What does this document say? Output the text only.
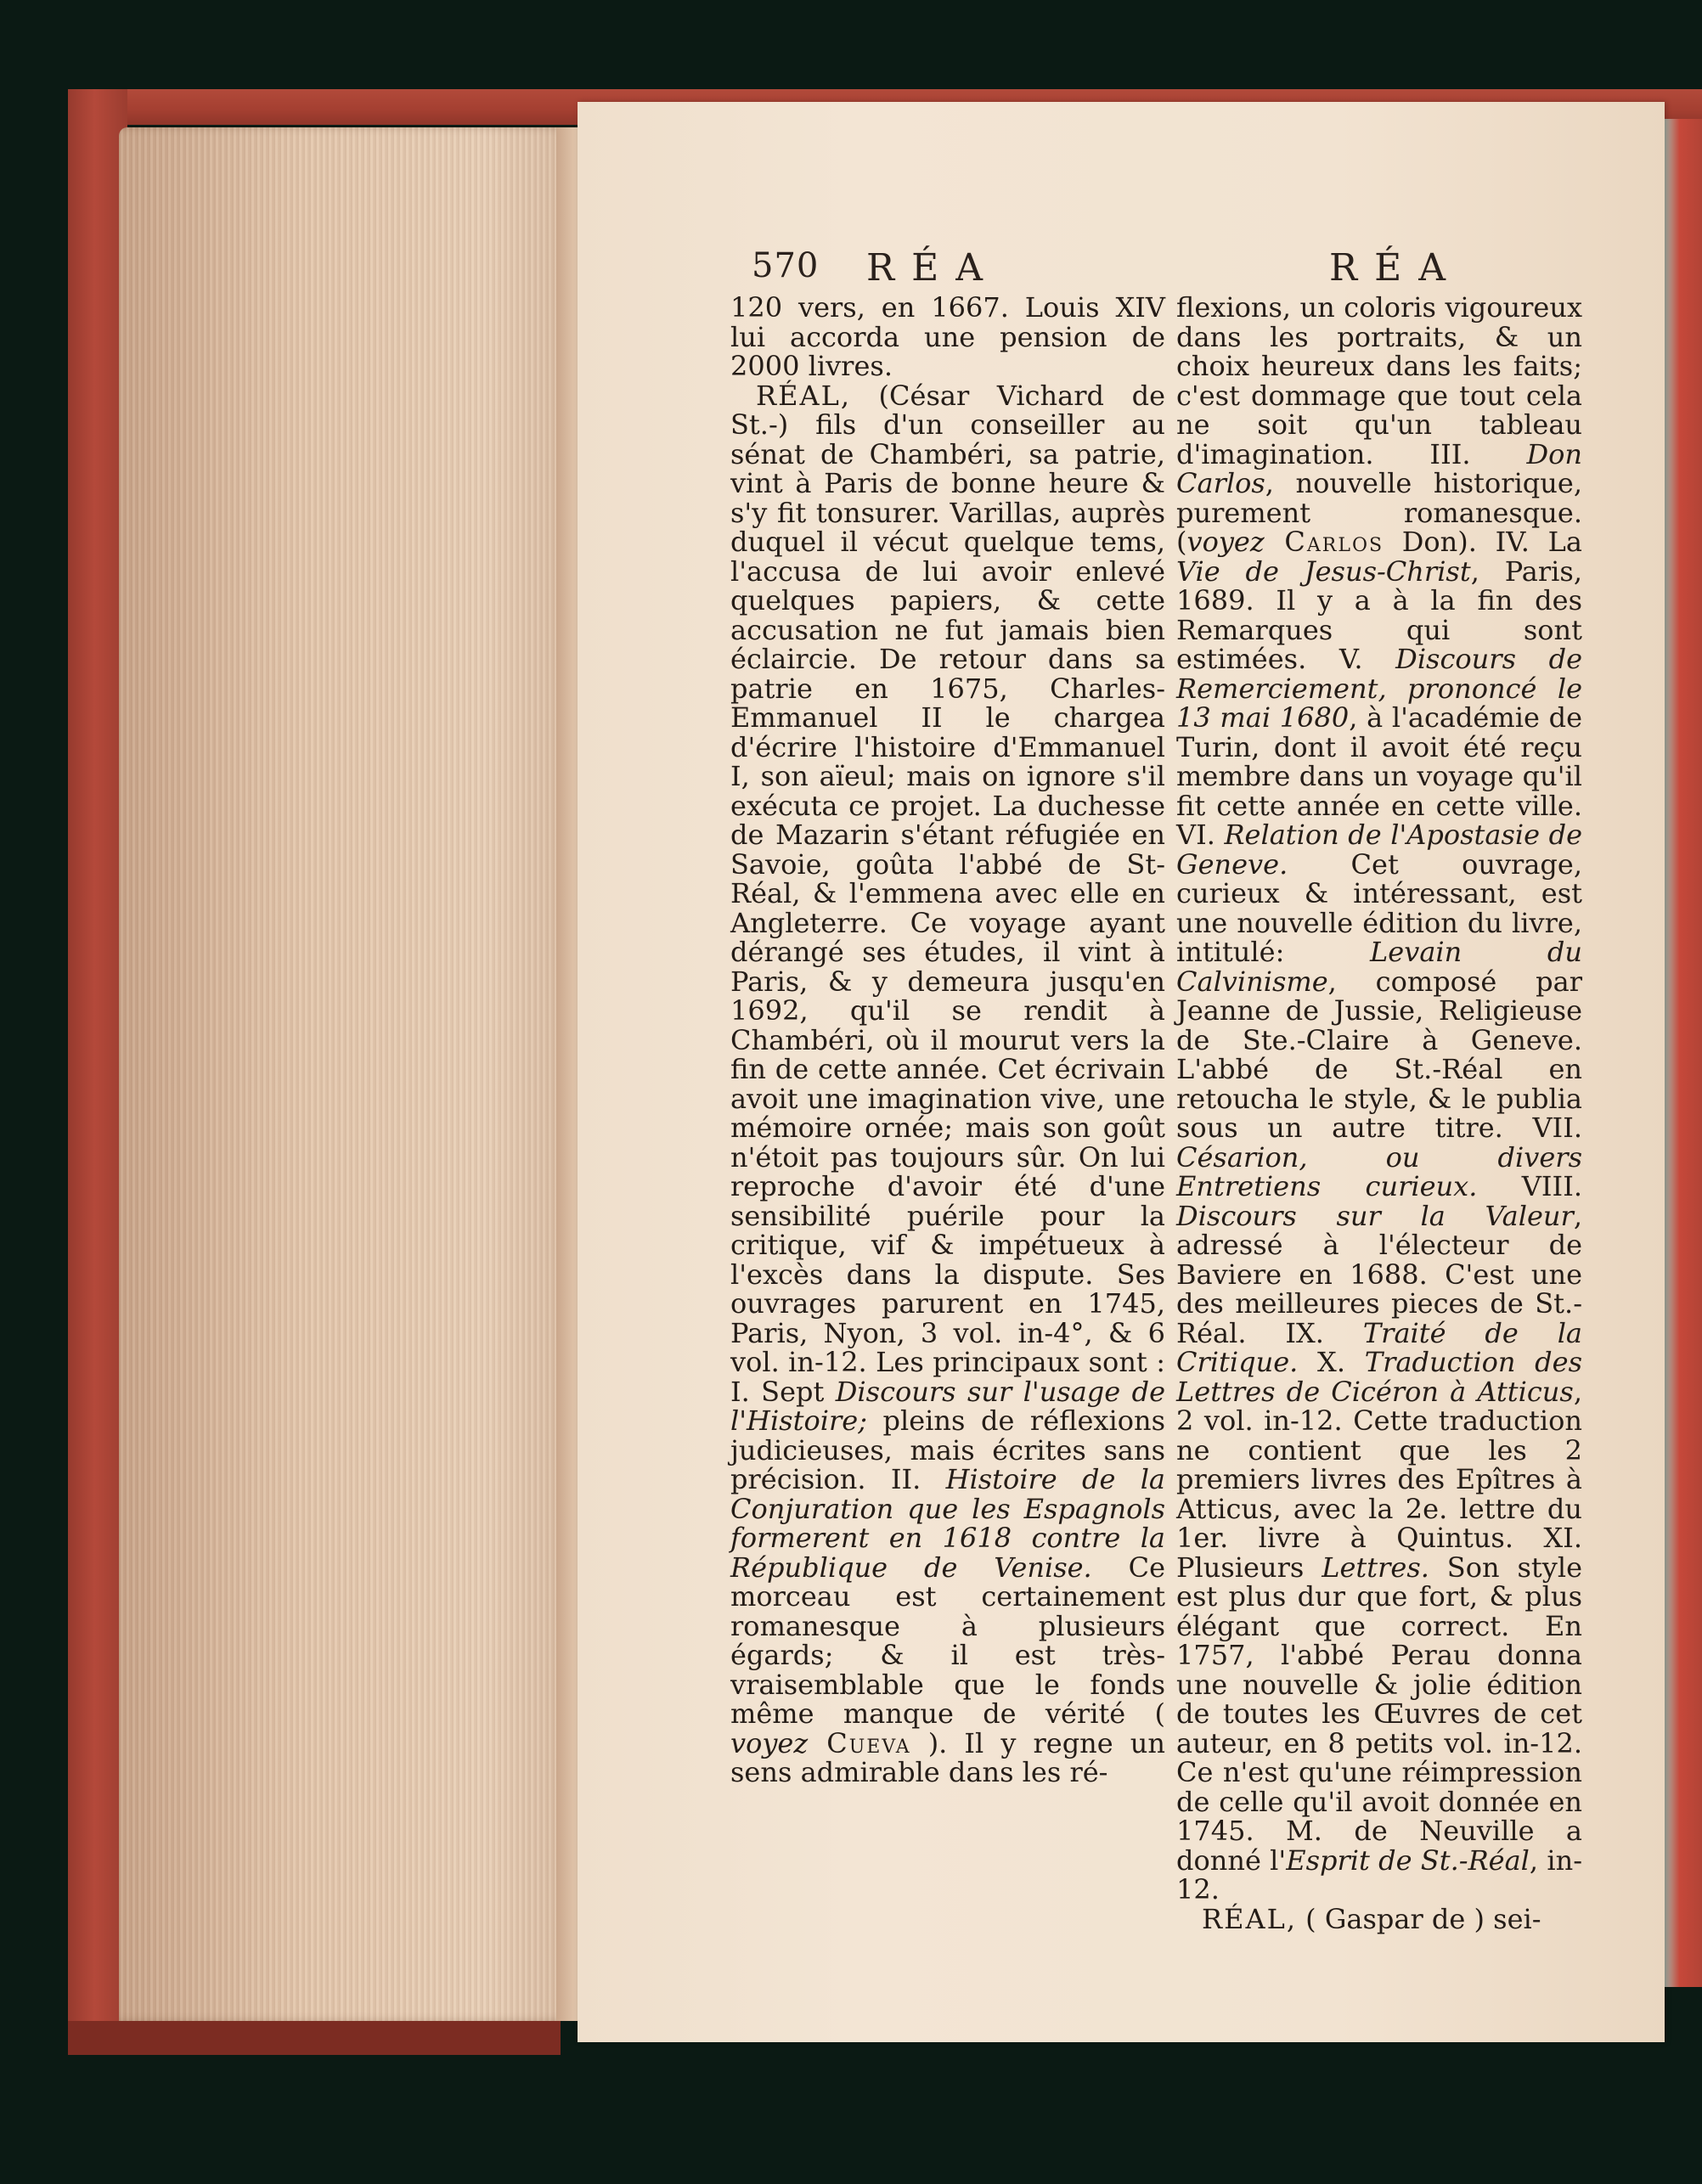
570 RÉA	RÉA

120 vers, en 1667. Louis XIV lui accorda une pension de 2000 livres.

RÉAL, (César Vichard de St.-) fils d'un conseiller au sénat de Chambéri, sa patrie, vint à Paris de bonne heure & s'y fit tonsurer. Varillas, auprès duquel il vécut quelque tems, l'accusa de lui avoir enlevé quelques papiers, & cette accusation ne fut jamais bien éclaircie. De retour dans sa patrie en 1675, Charles-Emmanuel II le chargea d'écrire l'histoire d'Emmanuel I, son aïeul; mais on ignore s'il exécuta ce projet. La duchesse de Mazarin s'étant réfugiée en Savoie, goûta l'abbé de St-Réal, & l'emmena avec elle en Angleterre. Ce voyage ayant dérangé ses études, il vint à Paris, & y demeura jusqu'en 1692, qu'il se rendit à Chambéri, où il mourut vers la fin de cette année. Cet écrivain avoit une imagination vive, une mémoire ornée; mais son goût n'étoit pas toujours sûr. On lui reproche d'avoir été d'une sensibilité puérile pour la critique, vif & impétueux à l'excès dans la dispute. Ses ouvrages parurent en 1745, Paris, Nyon, 3 vol. in-4°, & 6 vol. in-12. Les principaux sont : I. Sept Discours sur l'usage de l'Histoire; pleins de réflexions judicieuses, mais écrites sans précision. II. Histoire de la Conjuration que les Espagnols formerent en 1618 contre la République de Venise. Ce morceau est certainement romanesque à plusieurs égards; & il est très-vraisemblable que le fonds même manque de vérité ( voyez Cueva ). Il y regne un sens admirable dans les ré-

flexions, un coloris vigoureux dans les portraits, & un choix heureux dans les faits; c'est dommage que tout cela ne soit qu'un tableau d'imagination. III. Don Carlos, nouvelle historique, purement romanesque. (voyez Carlos Don). IV. La Vie de Jesus-Christ, Paris, 1689. Il y a à la fin des Remarques qui sont estimées. V. Discours de Remerciement, prononcé le 13 mai 1680, à l'académie de Turin, dont il avoit été reçu membre dans un voyage qu'il fit cette année en cette ville. VI. Relation de l'Apostasie de Geneve. Cet ouvrage, curieux & intéressant, est une nouvelle édition du livre, intitulé: Levain du Calvinisme, composé par Jeanne de Jussie, Religieuse de Ste.-Claire à Geneve. L'abbé de St.-Réal en retoucha le style, & le publia sous un autre titre. VII. Césarion, ou divers Entretiens curieux. VIII. Discours sur la Valeur, adressé à l'électeur de Baviere en 1688. C'est une des meilleures pieces de St.-Réal. IX. Traité de la Critique. X. Traduction des Lettres de Cicéron à Atticus, 2 vol. in-12. Cette traduction ne contient que les 2 premiers livres des Epîtres à Atticus, avec la 2e. lettre du 1er. livre à Quintus. XI. Plusieurs Lettres. Son style est plus dur que fort, & plus élégant que correct. En 1757, l'abbé Perau donna une nouvelle & jolie édition de toutes les Œuvres de cet auteur, en 8 petits vol. in-12. Ce n'est qu'une réimpression de celle qu'il avoit donnée en 1745. M. de Neuville a donné l'Esprit de St.-Réal, in-12.

RÉAL, ( Gaspar de ) sei-
